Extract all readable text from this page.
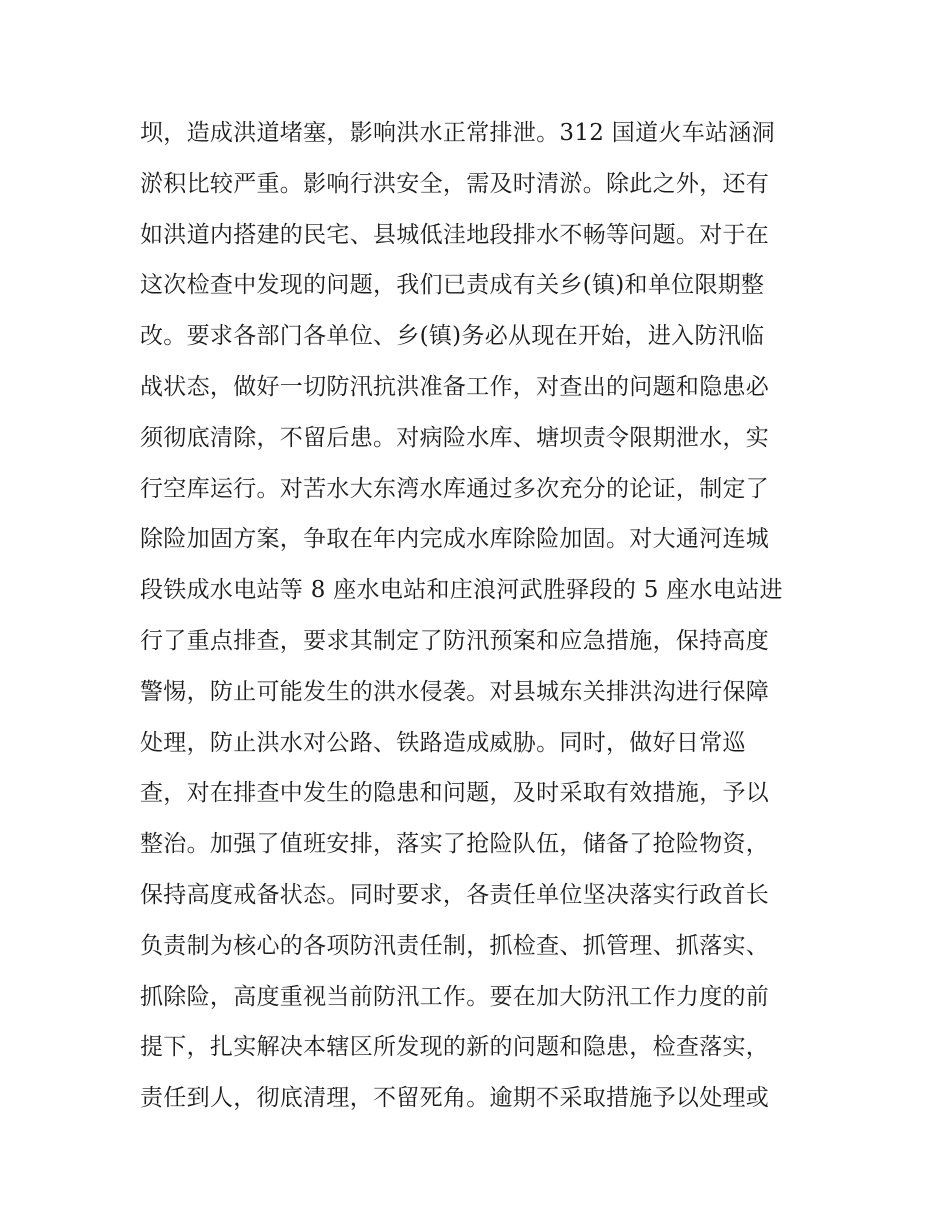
坝，造成洪道堵塞，影响洪水正常排泄。312 国道火车站涵洞
淤积比较严重。影响行洪安全，需及时清淤。除此之外，还有
如洪道内搭建的民宅、县城低洼地段排水不畅等问题。对于在
这次检查中发现的问题，我们已责成有关乡(镇)和单位限期整
改。要求各部门各单位、乡(镇)务必从现在开始，进入防汛临
战状态，做好一切防汛抗洪准备工作，对查出的问题和隐患必
须彻底清除，不留后患。对病险水库、塘坝责令限期泄水，实
行空库运行。对苦水大东湾水库通过多次充分的论证，制定了
除险加固方案，争取在年内完成水库除险加固。对大通河连城
段铁成水电站等 8 座水电站和庄浪河武胜驿段的 5 座水电站进
行了重点排查，要求其制定了防汛预案和应急措施，保持高度
警惕，防止可能发生的洪水侵袭。对县城东关排洪沟进行保障
处理，防止洪水对公路、铁路造成威胁。同时，做好日常巡
查，对在排查中发生的隐患和问题，及时采取有效措施，予以
整治。加强了值班安排，落实了抢险队伍，储备了抢险物资，
保持高度戒备状态。同时要求，各责任单位坚决落实行政首长
负责制为核心的各项防汛责任制，抓检查、抓管理、抓落实、
抓除险，高度重视当前防汛工作。要在加大防汛工作力度的前
提下，扎实解决本辖区所发现的新的问题和隐患，检查落实，
责任到人，彻底清理，不留死角。逾期不采取措施予以处理或
